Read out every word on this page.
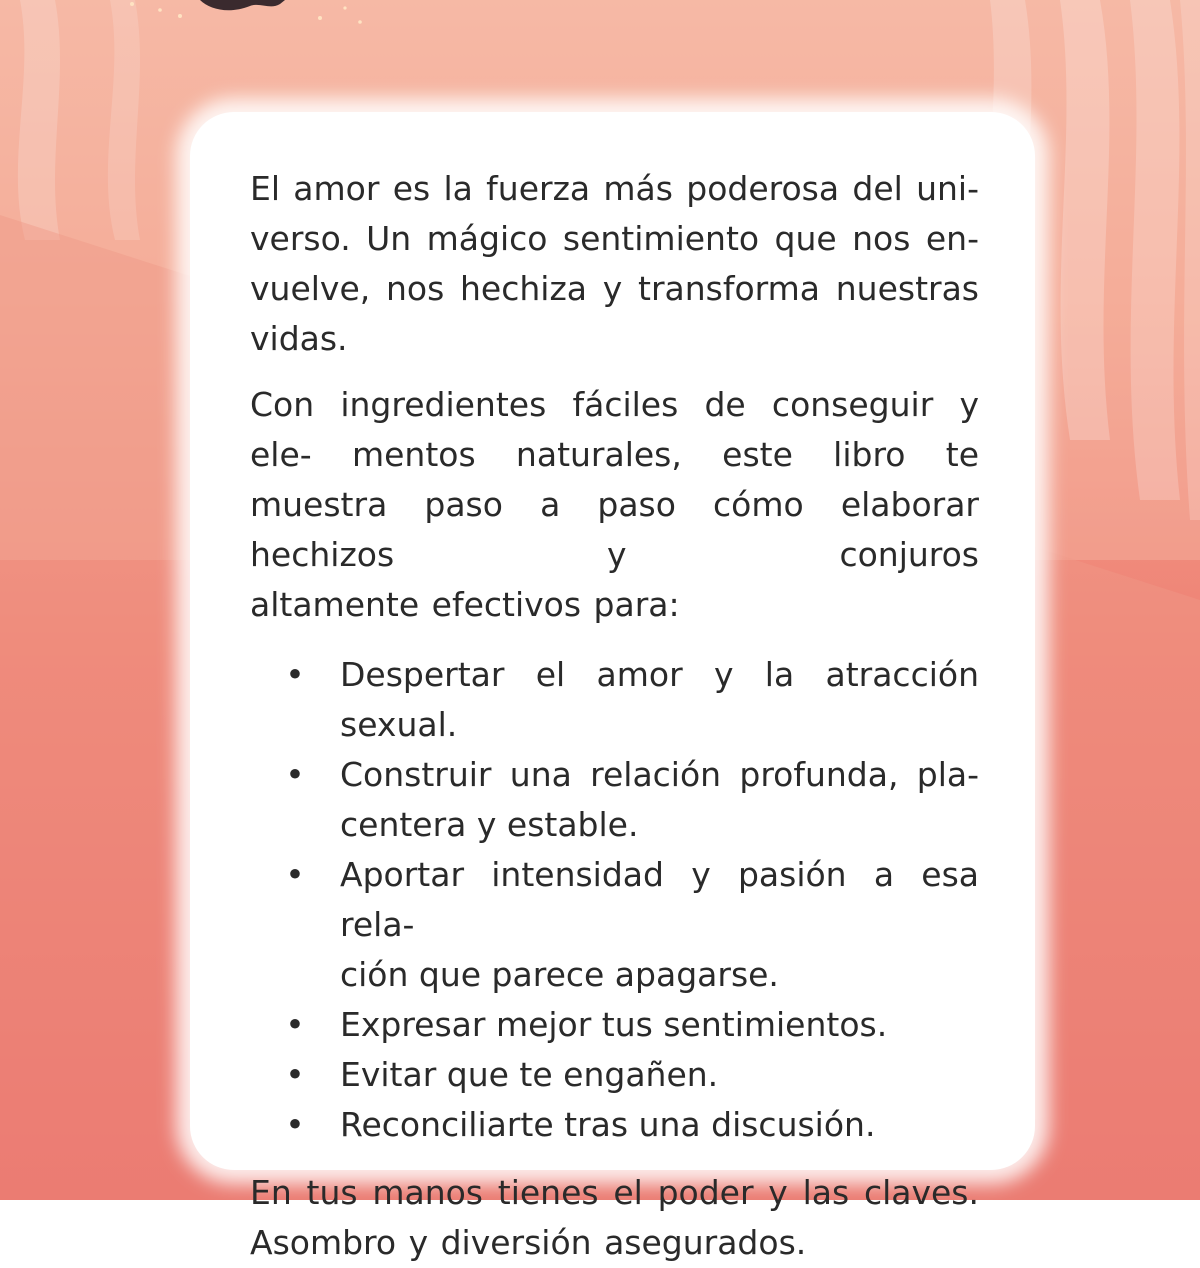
El amor es la fuerza más poderosa del uni- verso. Un mágico sentimiento que nos en- vuelve, nos hechiza y transforma nuestras
vidas.

Con ingredientes fáciles de conseguir y ele- mentos naturales, este libro te muestra paso a paso cómo elaborar hechizos y conjuros
altamente efectivos para:

• Despertar el amor y la atracción sexual.
• Construir una relación profunda, pla-
centera y estable.
• Aportar intensidad y pasión a esa rela-
ción que parece apagarse.
• Expresar mejor tus sentimientos.
• Evitar que te engañen.
• Reconciliarte tras una discusión.

En tus manos tienes el poder y las claves.
Asombro y diversión asegurados.
